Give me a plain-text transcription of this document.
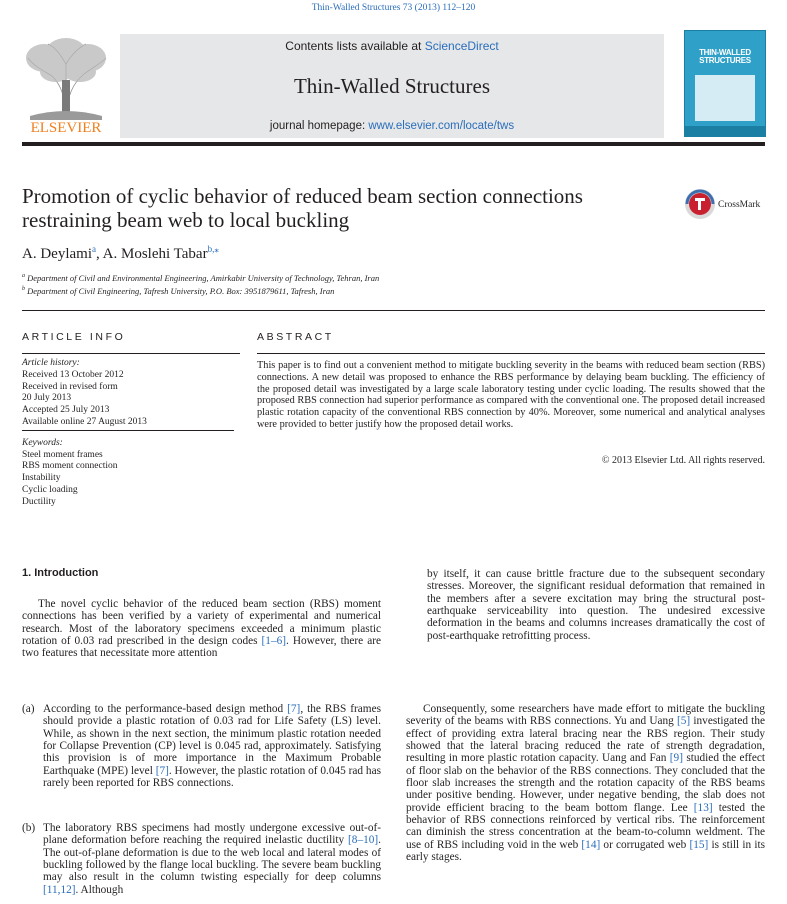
Thin-Walled Structures 73 (2013) 112–120
ELSEVIER
Contents lists available at ScienceDirect
Thin-Walled Structures
journal homepage: www.elsevier.com/locate/tws
THIN-WALLED STRUCTURES
Promotion of cyclic behavior of reduced beam section connections restraining beam web to local buckling
CrossMark
A. Deylami$^a$, A. Moslehi Tabar$^{b,⁎}$
$^a$ Department of Civil and Environmental Engineering, Amirkabir University of Technology, Tehran, Iran
$^b$ Department of Civil Engineering, Tafresh University, P.O. Box: 3951879611, Tafresh, Iran
ARTICLE INFO	ABSTRACT
Article history:
Received 13 October 2012
Received in revised form
20 July 2013
Accepted 25 July 2013
Available online 27 August 2013
Keywords:
Steel moment frames
RBS moment connection
Instability
Cyclic loading
Ductility
This paper is to find out a convenient method to mitigate buckling severity in the beams with reduced beam section (RBS) connections. A new detail was proposed to enhance the RBS performance by delaying beam buckling. The efficiency of the proposed detail was investigated by a large scale laboratory testing under cyclic loading. The results showed that the proposed RBS connection had superior performance as compared with the conventional one. The proposed detail increased plastic rotation capacity of the conventional RBS connection by 40%. Moreover, some numerical and analytical analyses were provided to better justify how the proposed detail works.
© 2013 Elsevier Ltd. All rights reserved.
1. Introduction
The novel cyclic behavior of the reduced beam section (RBS) moment connections has been verified by a variety of experimental and numerical research. Most of the laboratory specimens exceeded a minimum plastic rotation of 0.03 rad prescribed in the design codes [1–6]. However, there are two features that necessitate more attention
(a) According to the performance-based design method [7], the RBS frames should provide a plastic rotation of 0.03 rad for Life Safety (LS) level. While, as shown in the next section, the minimum plastic rotation needed for Collapse Prevention (CP) level is 0.045 rad, approximately. Satisfying this provision is of more importance in the Maximum Probable Earthquake (MPE) level [7]. However, the plastic rotation of 0.045 rad has rarely been reported for RBS connections.
(b) The laboratory RBS specimens had mostly undergone excessive out-of-plane deformation before reaching the required inelastic ductility [8–10]. The out-of-plane deformation is due to the web local and lateral modes of buckling followed by the flange local buckling. The severe beam buckling may also result in the column twisting especially for deep columns [11,12]. Although
by itself, it can cause brittle fracture due to the subsequent secondary stresses. Moreover, the significant residual deformation that remained in the members after a severe excitation may bring the structural post-earthquake serviceability into question. The undesired excessive deformation in the beams and columns increases dramatically the cost of post-earthquake retrofitting process.
Consequently, some researchers have made effort to mitigate the buckling severity of the beams with RBS connections. Yu and Uang [5] investigated the effect of providing extra lateral bracing near the RBS region. Their study showed that the lateral bracing reduced the rate of strength degradation, resulting in more plastic rotation capacity. Uang and Fan [9] studied the effect of floor slab on the behavior of the RBS connections. They concluded that the floor slab increases the strength and the rotation capacity of the RBS beams under positive bending. However, under negative bending, the slab does not provide efficient bracing to the beam bottom flange. Lee [13] tested the behavior of RBS connections reinforced by vertical ribs. The reinforcement can diminish the stress concentration at the beam-to-column weldment. The use of RBS including void in the web [14] or corrugated web [15] is still in its early stages.
